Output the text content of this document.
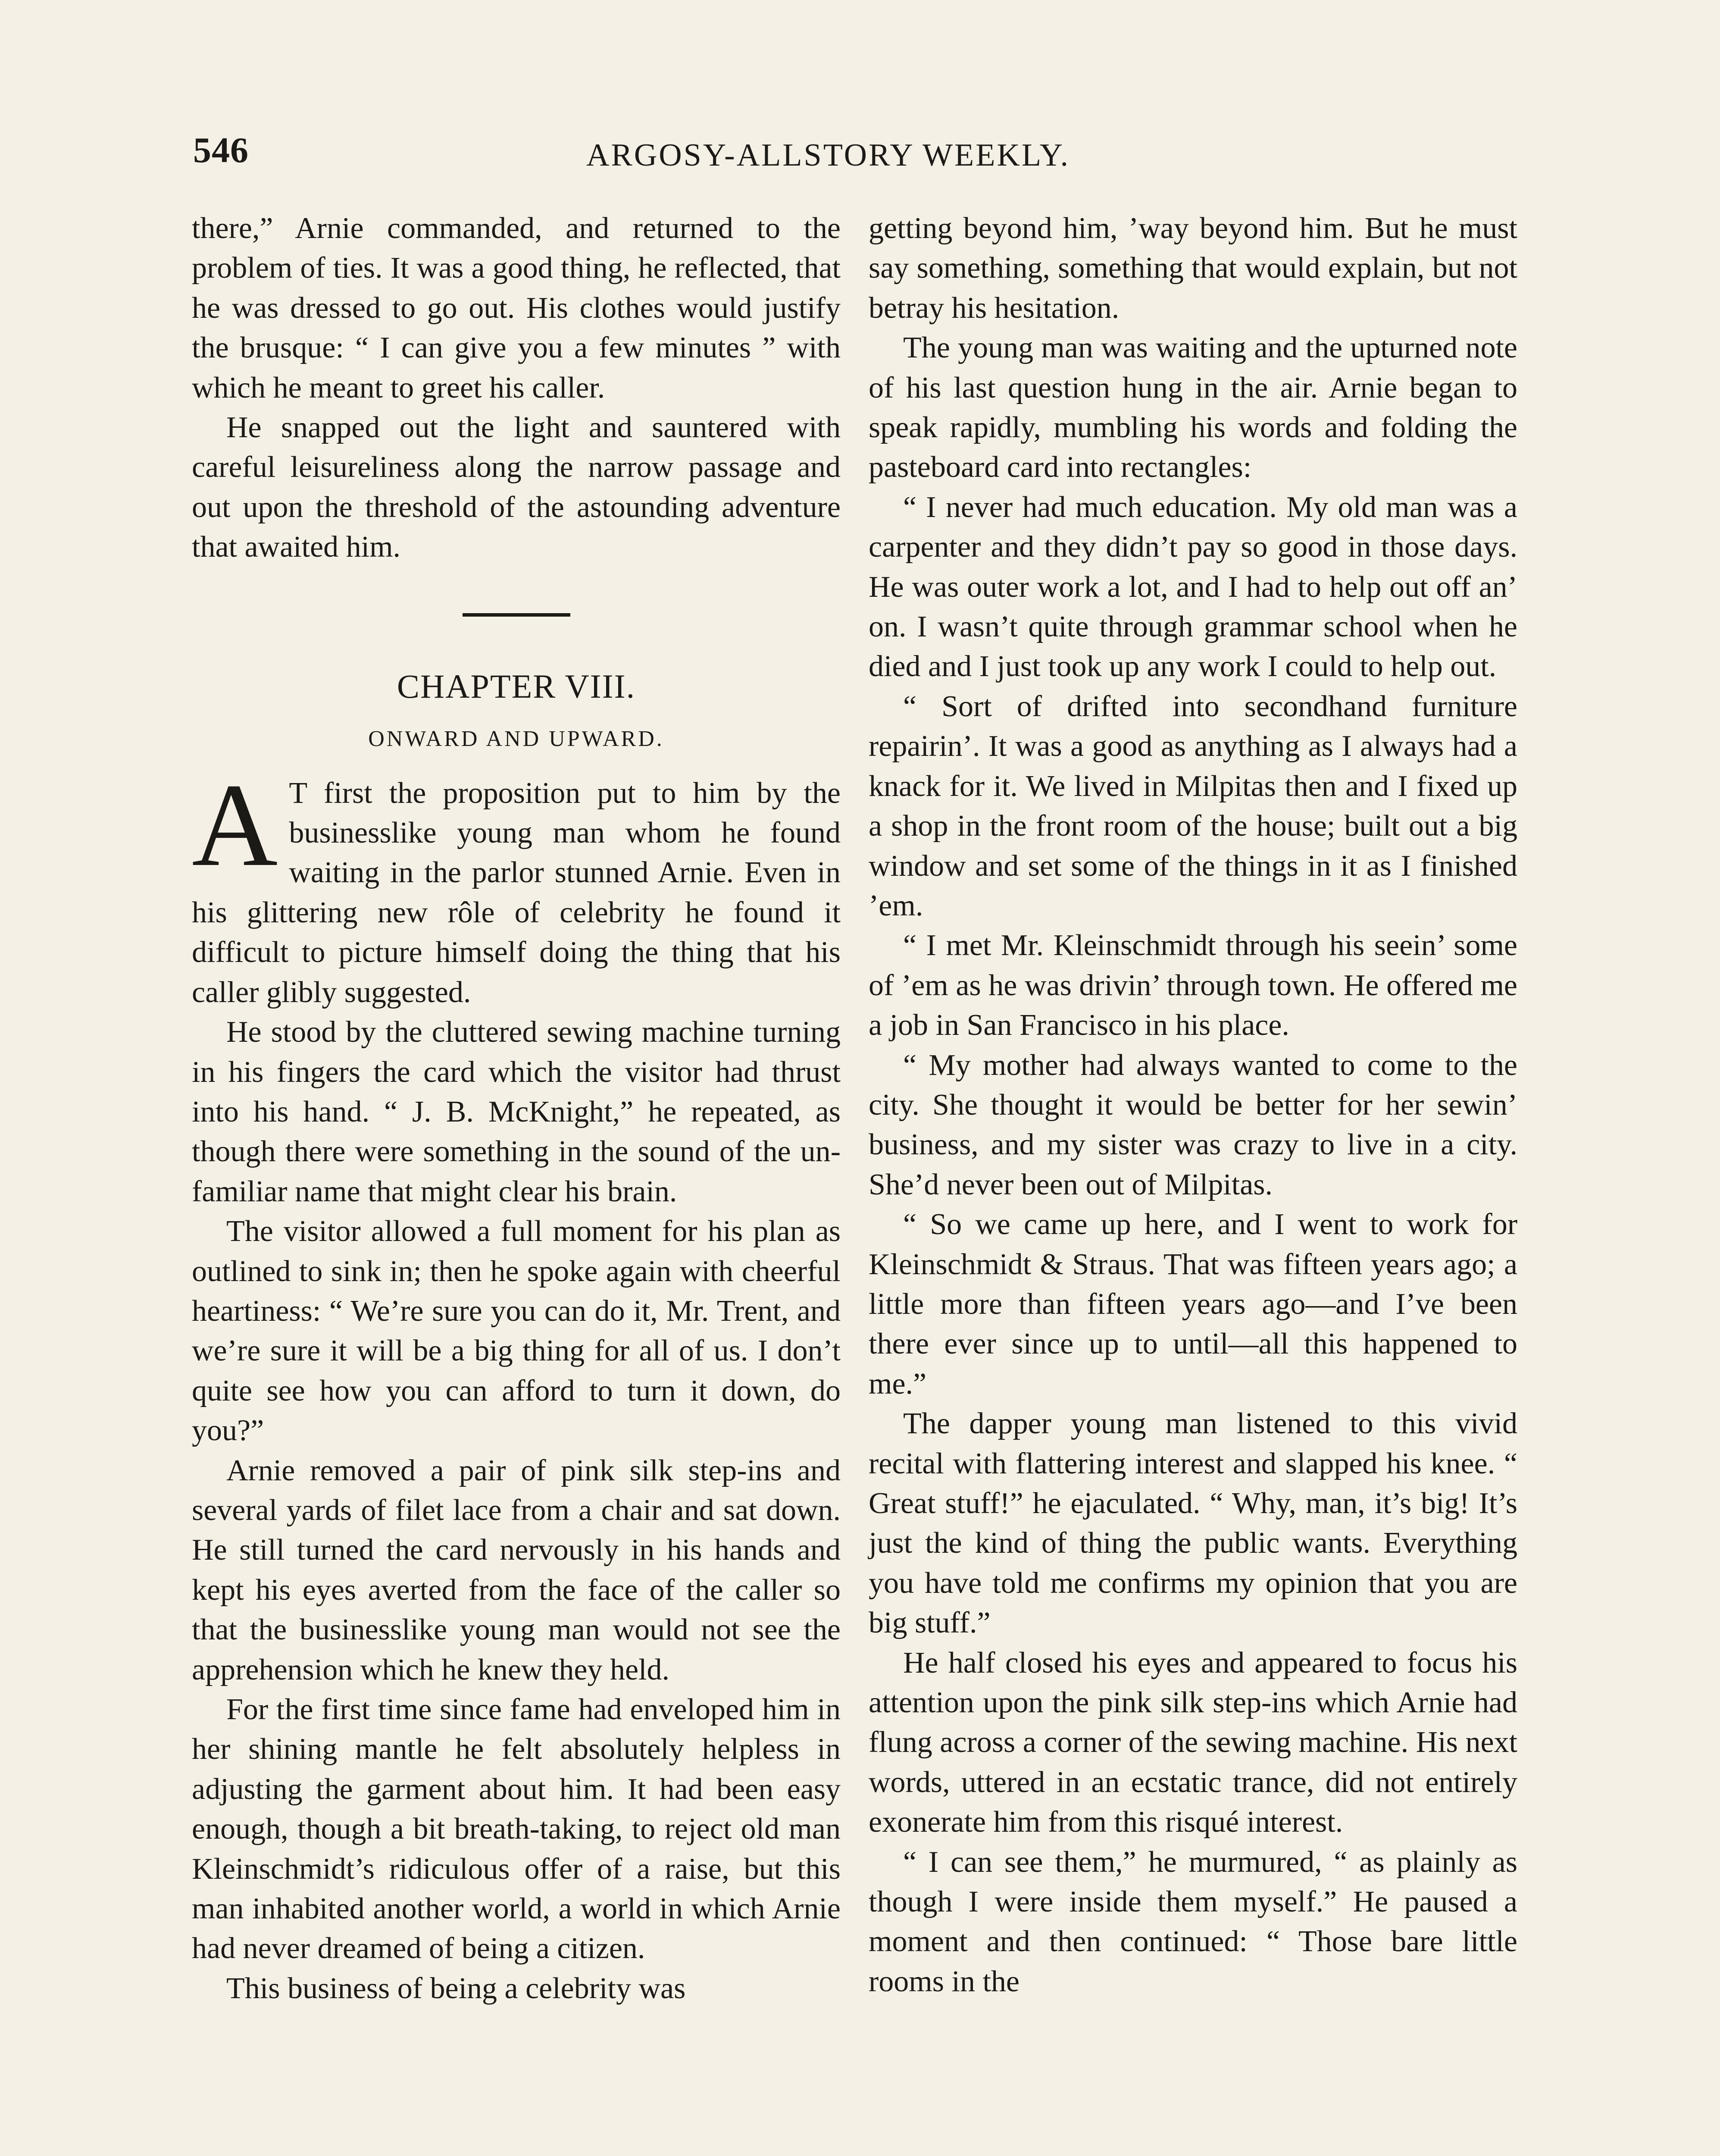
546	ARGOSY-ALLSTORY WEEKLY.

there,” Arnie commanded, and returned to the problem of ties. It was a good thing, he reflected, that he was dressed to go out. His clothes would justify the brusque: “ I can give you a few minutes ” with which he meant to greet his caller.

He snapped out the light and sauntered with careful leisureliness along the narrow passage and out upon the threshold of the astounding adventure that awaited him.

CHAPTER VIII.
ONWARD AND UPWARD.

A T first the proposition put to him by the businesslike young man whom he found waiting in the parlor stunned Arnie. Even in his glittering new rôle of celebrity he found it difficult to picture himself doing the thing that his caller glibly suggested.

He stood by the cluttered sewing machine turning in his fingers the card which the visitor had thrust into his hand. “ J. B. McKnight,” he repeated, as though there were something in the sound of the unfamiliar name that might clear his brain.

The visitor allowed a full moment for his plan as outlined to sink in; then he spoke again with cheerful heartiness: “ We’re sure you can do it, Mr. Trent, and we’re sure it will be a big thing for all of us. I don’t quite see how you can afford to turn it down, do you?”

Arnie removed a pair of pink silk step-ins and several yards of filet lace from a chair and sat down. He still turned the card nervously in his hands and kept his eyes averted from the face of the caller so that the businesslike young man would not see the apprehension which he knew they held.

For the first time since fame had enveloped him in her shining mantle he felt absolutely helpless in adjusting the garment about him. It had been easy enough, though a bit breath-taking, to reject old man Kleinschmidt’s ridiculous offer of a raise, but this man inhabited another world, a world in which Arnie had never dreamed of being a citizen.

This business of being a celebrity was

getting beyond him, ’way beyond him. But he must say something, something that would explain, but not betray his hesitation.

The young man was waiting and the upturned note of his last question hung in the air. Arnie began to speak rapidly, mumbling his words and folding the pasteboard card into rectangles:

“ I never had much education. My old man was a carpenter and they didn’t pay so good in those days. He was outer work a lot, and I had to help out off an’ on. I wasn’t quite through grammar school when he died and I just took up any work I could to help out.

“ Sort of drifted into secondhand furniture repairin’. It was a good as anything as I always had a knack for it. We lived in Milpitas then and I fixed up a shop in the front room of the house; built out a big window and set some of the things in it as I finished ’em.

“ I met Mr. Kleinschmidt through his seein’ some of ’em as he was drivin’ through town. He offered me a job in San Francisco in his place.

“ My mother had always wanted to come to the city. She thought it would be better for her sewin’ business, and my sister was crazy to live in a city. She’d never been out of Milpitas.

“ So we came up here, and I went to work for Kleinschmidt & Straus. That was fifteen years ago; a little more than fifteen years ago—and I’ve been there ever since up to until—all this happened to me.”

The dapper young man listened to this vivid recital with flattering interest and slapped his knee. “ Great stuff!” he ejaculated. “ Why, man, it’s big! It’s just the kind of thing the public wants. Everything you have told me confirms my opinion that you are big stuff.”

He half closed his eyes and appeared to focus his attention upon the pink silk step-ins which Arnie had flung across a corner of the sewing machine. His next words, uttered in an ecstatic trance, did not entirely exonerate him from this risqué interest.

“ I can see them,” he murmured, “ as plainly as though I were inside them myself.” He paused a moment and then continued: “ Those bare little rooms in the
